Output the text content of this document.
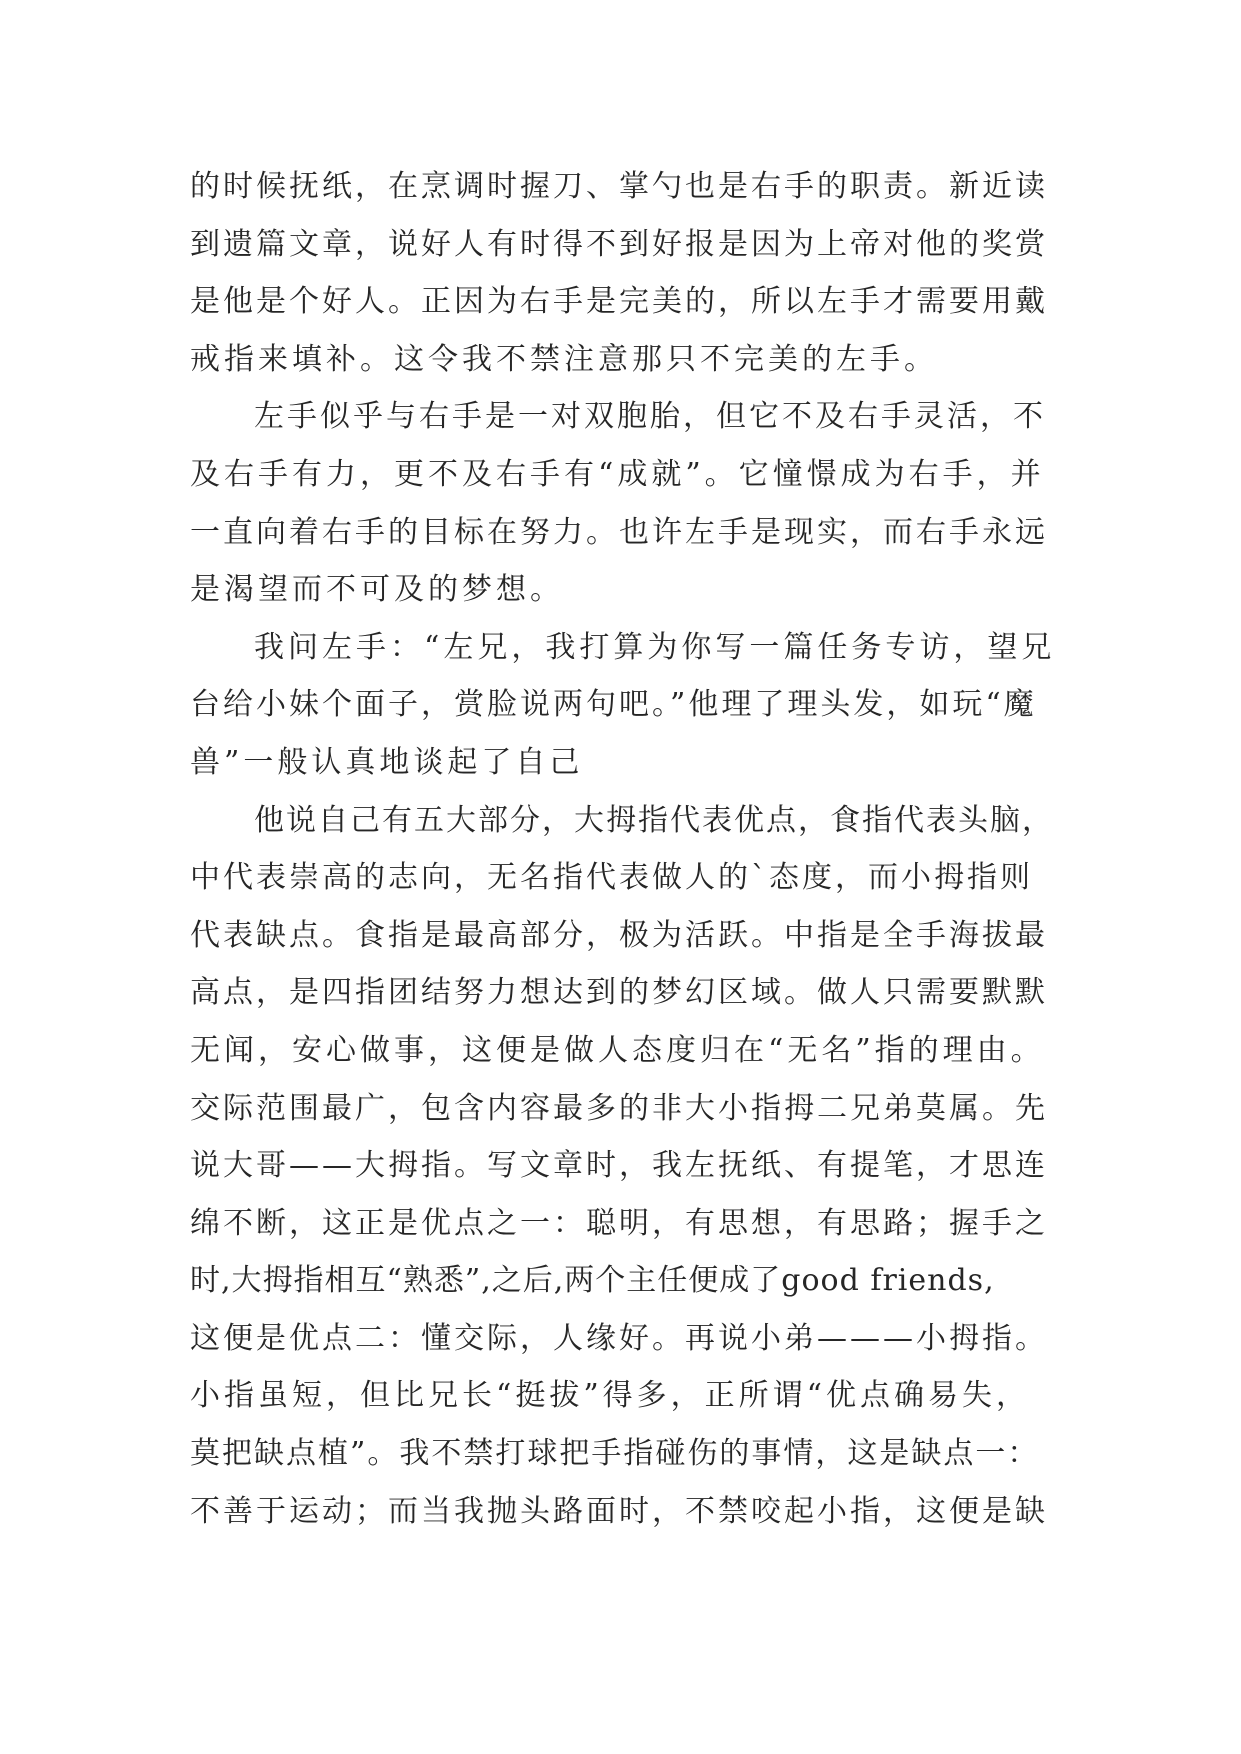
的时候抚纸，在烹调时握刀、掌勺也是右手的职责。新近读
到遗篇文章，说好人有时得不到好报是因为上帝对他的奖赏
是他是个好人。正因为右手是完美的，所以左手才需要用戴
戒指来填补。这令我不禁注意那只不完美的左手。
左手似乎与右手是一对双胞胎，但它不及右手灵活，不
及右手有力，更不及右手有“成就”。它憧憬成为右手，并
一直向着右手的目标在努力。也许左手是现实，而右手永远
是渴望而不可及的梦想。
我问左手：“左兄，我打算为你写一篇任务专访，望兄
台给小妹个面子，赏脸说两句吧。”他理了理头发，如玩“魔
兽”一般认真地谈起了自己
他说自己有五大部分，大拇指代表优点，食指代表头脑，
中代表崇高的志向，无名指代表做人的`态度，而小拇指则
代表缺点。食指是最高部分，极为活跃。中指是全手海拔最
高点，是四指团结努力想达到的梦幻区域。做人只需要默默
无闻，安心做事，这便是做人态度归在“无名”指的理由。
交际范围最广，包含内容最多的非大小指拇二兄弟莫属。先
说大哥——大拇指。写文章时，我左抚纸、有提笔，才思连
绵不断，这正是优点之一：聪明，有思想，有思路；握手之
时,大拇指相互“熟悉”,之后,两个主任便成了good friends,
这便是优点二：懂交际，人缘好。再说小弟———小拇指。
小指虽短，但比兄长“挺拔”得多，正所谓“优点确易失，
莫把缺点植”。我不禁打球把手指碰伤的事情，这是缺点一：
不善于运动；而当我抛头路面时，不禁咬起小指，这便是缺
